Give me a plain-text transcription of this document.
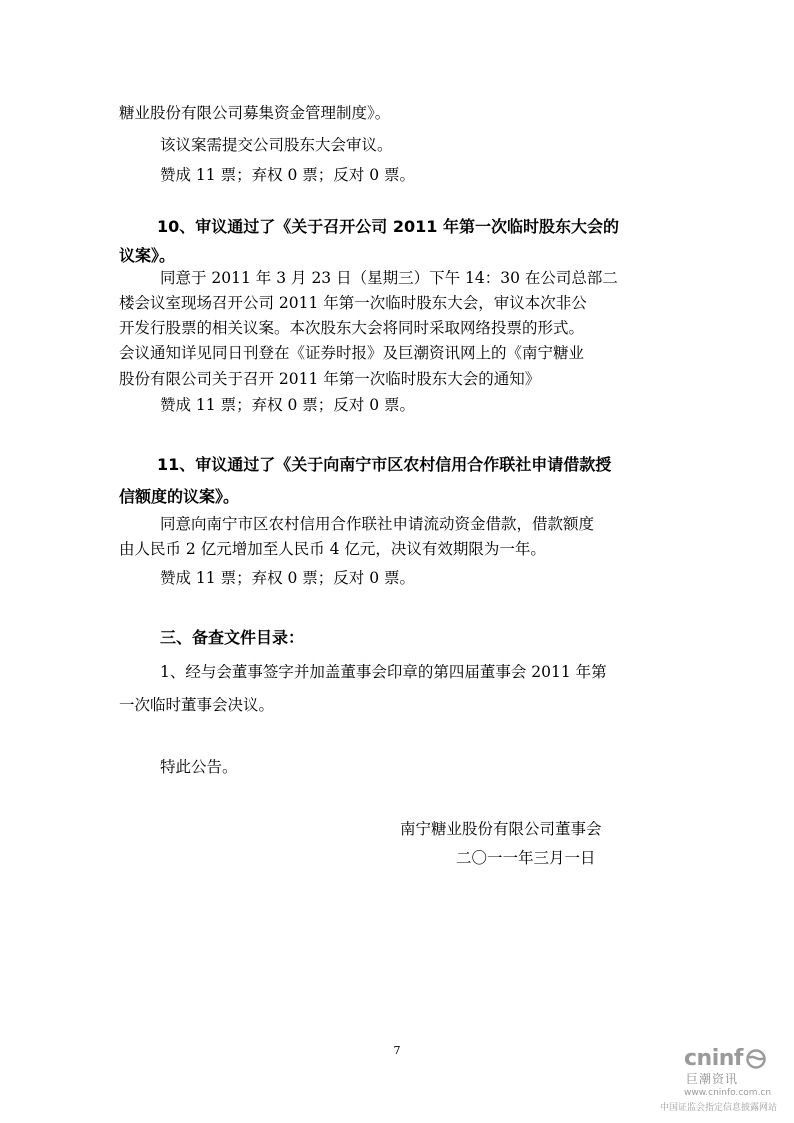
糖业股份有限公司募集资金管理制度》。
该议案需提交公司股东大会审议。
赞成 11 票；弃权 0 票；反对 0 票。
10、审议通过了《关于召开公司 2011 年第一次临时股东大会的
议案》。
同意于 2011 年 3 月 23 日（星期三）下午 14：30 在公司总部二
楼会议室现场召开公司 2011 年第一次临时股东大会，审议本次非公
开发行股票的相关议案。本次股东大会将同时采取网络投票的形式。
会议通知详见同日刊登在《证券时报》及巨潮资讯网上的《南宁糖业
股份有限公司关于召开 2011 年第一次临时股东大会的通知》
赞成 11 票；弃权 0 票；反对 0 票。
11、审议通过了《关于向南宁市区农村信用合作联社申请借款授
信额度的议案》。
同意向南宁市区农村信用合作联社申请流动资金借款，借款额度
由人民币 2 亿元增加至人民币 4 亿元，决议有效期限为一年。
赞成 11 票；弃权 0 票；反对 0 票。
三、备查文件目录：
1、经与会董事签字并加盖董事会印章的第四届董事会 2011 年第
一次临时董事会决议。
特此公告。
南宁糖业股份有限公司董事会
二〇一一年三月一日
7	cninf
巨潮资讯
www.cninfo.com.cn
中国证监会指定信息披露网站
